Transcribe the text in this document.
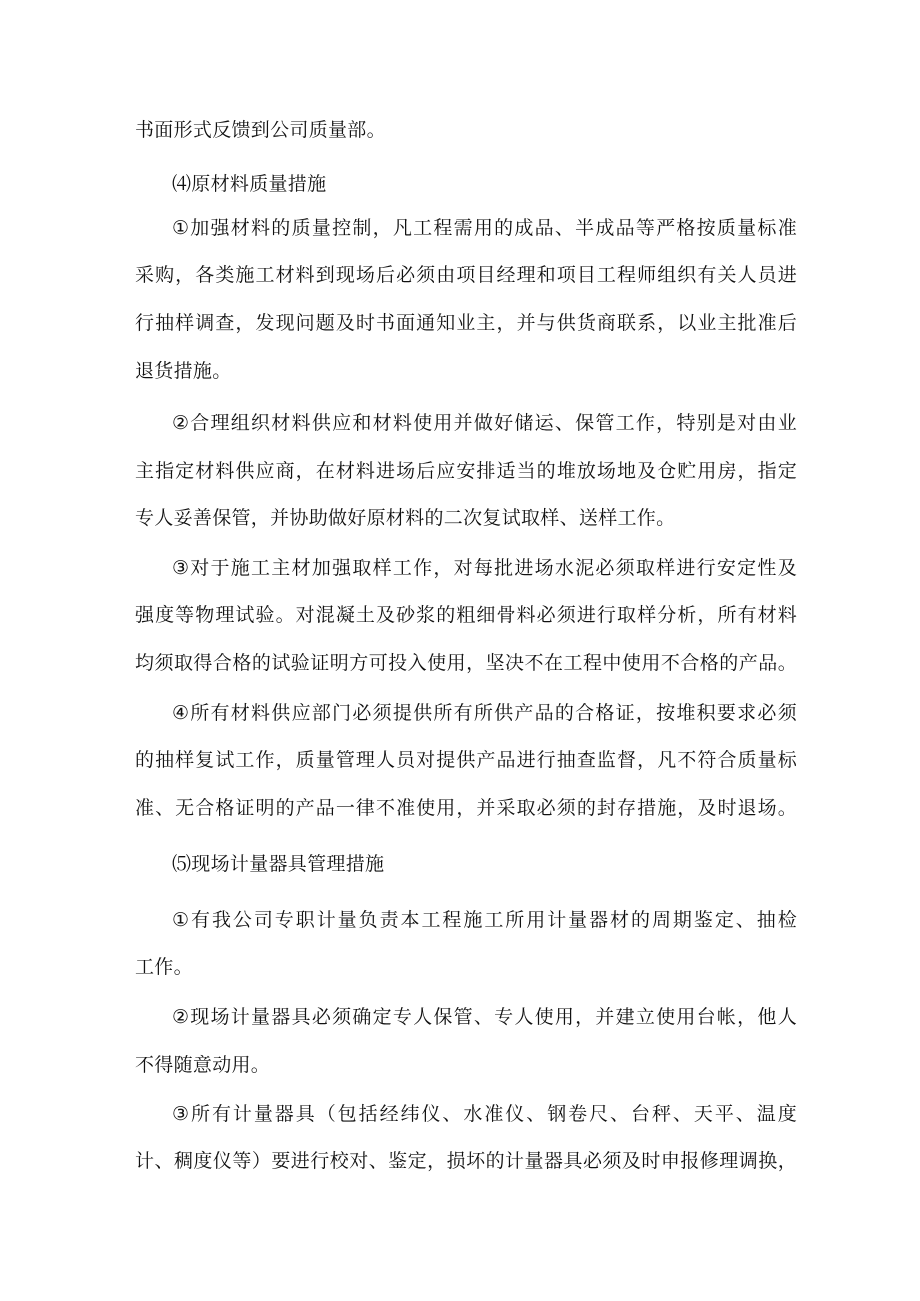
书面形式反馈到公司质量部。
⑷原材料质量措施
①加强材料的质量控制，凡工程需用的成品、半成品等严格按质量标准
采购，各类施工材料到现场后必须由项目经理和项目工程师组织有关人员进
行抽样调查，发现问题及时书面通知业主，并与供货商联系，以业主批准后
退货措施。
②合理组织材料供应和材料使用并做好储运、保管工作，特别是对由业
主指定材料供应商，在材料进场后应安排适当的堆放场地及仓贮用房，指定
专人妥善保管，并协助做好原材料的二次复试取样、送样工作。
③对于施工主材加强取样工作，对每批进场水泥必须取样进行安定性及
强度等物理试验。对混凝土及砂浆的粗细骨料必须进行取样分析，所有材料
均须取得合格的试验证明方可投入使用，坚决不在工程中使用不合格的产品。
④所有材料供应部门必须提供所有所供产品的合格证，按堆积要求必须
的抽样复试工作，质量管理人员对提供产品进行抽查监督，凡不符合质量标
准、无合格证明的产品一律不准使用，并采取必须的封存措施，及时退场。
⑸现场计量器具管理措施
①有我公司专职计量负责本工程施工所用计量器材的周期鉴定、抽检
工作。
②现场计量器具必须确定专人保管、专人使用，并建立使用台帐，他人
不得随意动用。
③所有计量器具（包括经纬仪、水准仪、钢卷尺、台秤、天平、温度
计、稠度仪等）要进行校对、鉴定，损坏的计量器具必须及时申报修理调换，
